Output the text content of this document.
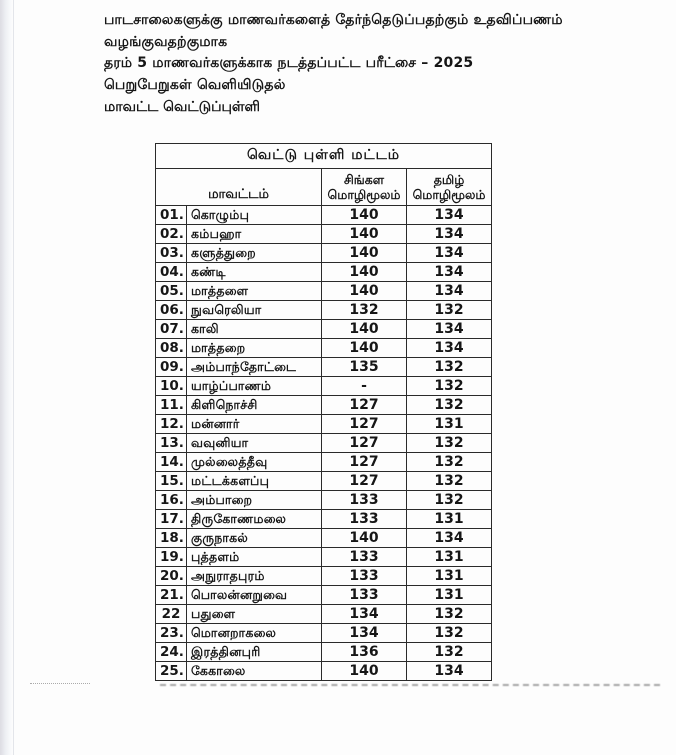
பாடசாலைகளுக்கு மாணவர்களைத் தேர்ந்தெடுப்பதற்கும் உதவிப்பணம் வழங்குவதற்குமாக
தரம் 5 மாணவர்களுக்காக நடத்தப்பட்ட பரீட்சை – 2025
பெறுபேறுகள் வெளியிடுதல்
மாவட்ட வெட்டுப்புள்ளி
வெட்டு புள்ளி மட்டம்			
மாவட்டம்		சிங்கள மொழிமூலம்	தமிழ் மொழிமூலம்
01.	கொழும்பு	140	134
02.	கம்பஹா	140	134
03.	களுத்துறை	140	134
04.	கண்டி	140	134
05.	மாத்தளை	140	134
06.	நுவரெலியா	132	132
07.	காலி	140	134
08.	மாத்தறை	140	134
09.	அம்பாந்தோட்டை	135	132
10.	யாழ்ப்பாணம்	-	132
11.	கிளிநொச்சி	127	132
12.	மன்னார்	127	131
13.	வவுனியா	127	132
14.	முல்லைத்தீவு	127	132
15.	மட்டக்களப்பு	127	132
16.	அம்பாறை	133	132
17.	திருகோணமலை	133	131
18.	குருநாகல்	140	134
19.	புத்தளம்	133	131
20.	அநுராதபுரம்	133	131
21.	பொலன்னறுவை	133	131
22	பதுளை	134	132
23.	மொனறாகலை	134	132
24.	இரத்தினபுரி	136	132
25.	கேகாலை	140	134
